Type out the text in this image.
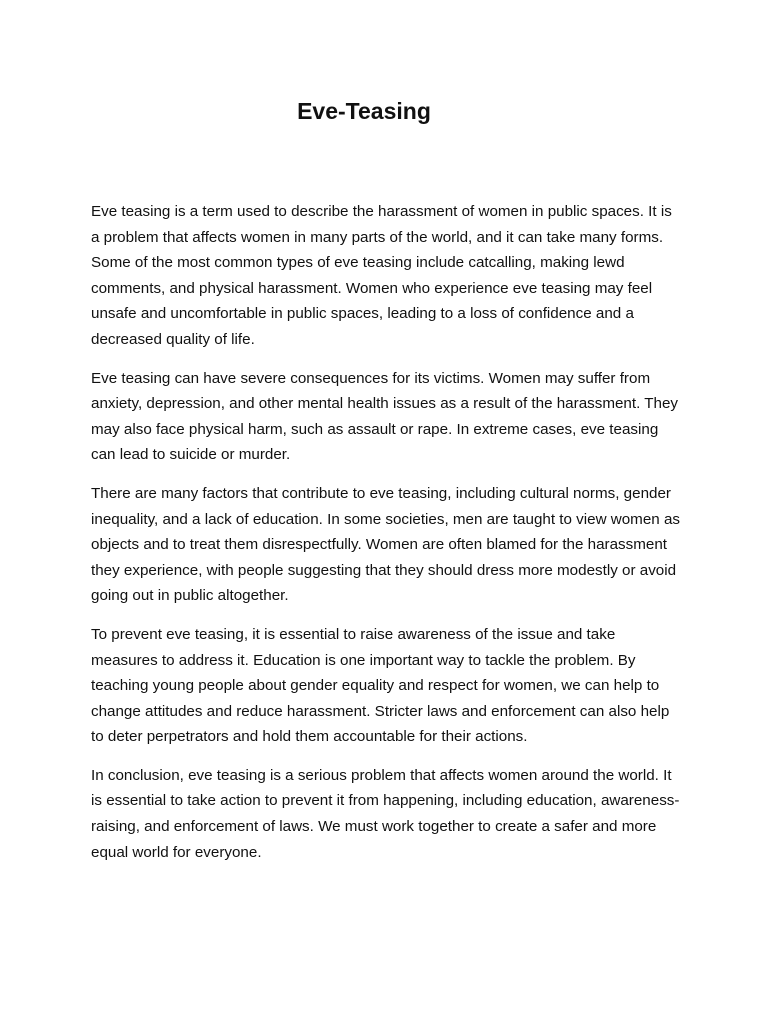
Eve-Teasing

Eve teasing is a term used to describe the harassment of women in public spaces. It is a problem that affects women in many parts of the world, and it can take many forms. Some of the most common types of eve teasing include catcalling, making lewd comments, and physical harassment. Women who experience eve teasing may feel unsafe and uncomfortable in public spaces, leading to a loss of confidence and a decreased quality of life.

Eve teasing can have severe consequences for its victims. Women may suffer from anxiety, depression, and other mental health issues as a result of the harassment. They may also face physical harm, such as assault or rape. In extreme cases, eve teasing can lead to suicide or murder.

There are many factors that contribute to eve teasing, including cultural norms, gender inequality, and a lack of education. In some societies, men are taught to view women as objects and to treat them disrespectfully. Women are often blamed for the harassment they experience, with people suggesting that they should dress more modestly or avoid going out in public altogether.

To prevent eve teasing, it is essential to raise awareness of the issue and take measures to address it. Education is one important way to tackle the problem. By teaching young people about gender equality and respect for women, we can help to change attitudes and reduce harassment. Stricter laws and enforcement can also help to deter perpetrators and hold them accountable for their actions.

In conclusion, eve teasing is a serious problem that affects women around the world. It is essential to take action to prevent it from happening, including education, awareness-raising, and enforcement of laws. We must work together to create a safer and more equal world for everyone.
